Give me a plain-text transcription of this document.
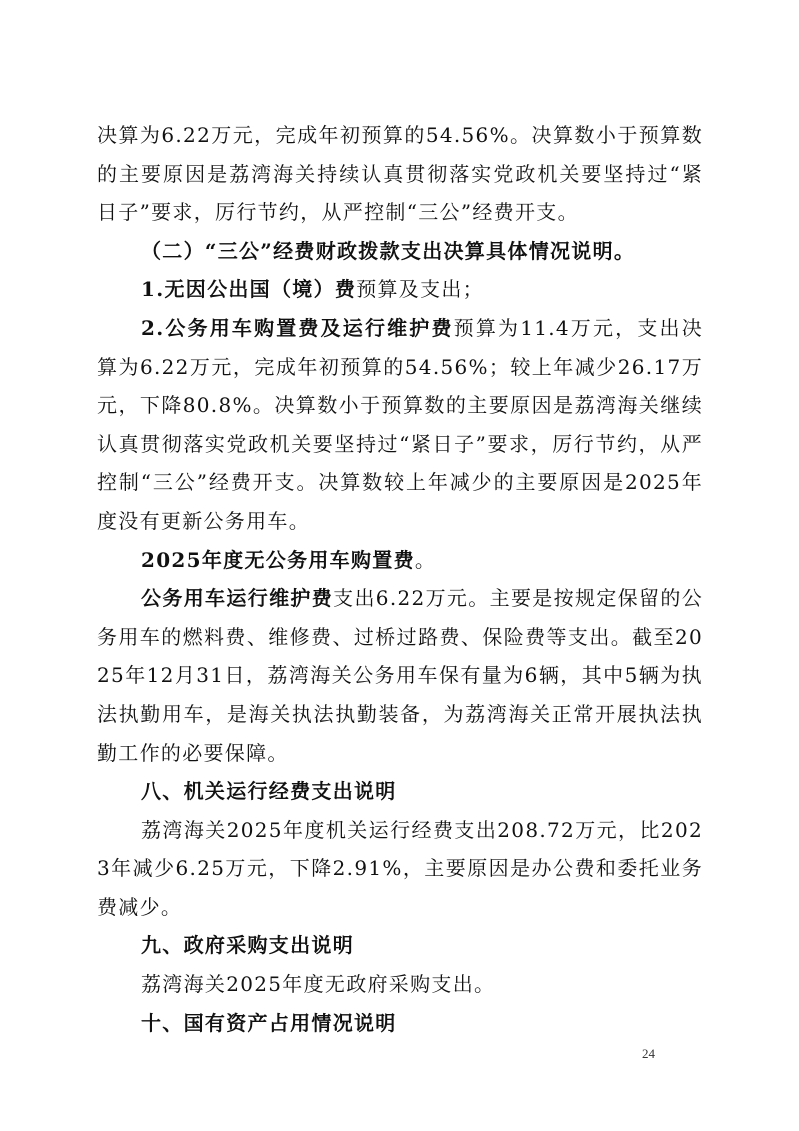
决算为6.22万元，完成年初预算的54.56%。决算数小于预算数的主要原因是荔湾海关持续认真贯彻落实党政机关要坚持过“紧日子”要求，厉行节约，从严控制“三公”经费开支。

（二）“三公”经费财政拨款支出决算具体情况说明。

1.无因公出国（境）费预算及支出；

2.公务用车购置费及运行维护费预算为11.4万元，支出决算为6.22万元，完成年初预算的54.56%；较上年减少26.17万元，下降80.8%。决算数小于预算数的主要原因是荔湾海关继续认真贯彻落实党政机关要坚持过“紧日子”要求，厉行节约，从严控制“三公”经费开支。决算数较上年减少的主要原因是2025年度没有更新公务用车。

2025年度无公务用车购置费。

公务用车运行维护费支出6.22万元。主要是按规定保留的公务用车的燃料费、维修费、过桥过路费、保险费等支出。截至2025年12月31日，荔湾海关公务用车保有量为6辆，其中5辆为执法执勤用车，是海关执法执勤装备，为荔湾海关正常开展执法执勤工作的必要保障。

八、机关运行经费支出说明

荔湾海关2025年度机关运行经费支出208.72万元，比2023年减少6.25万元，下降2.91%，主要原因是办公费和委托业务费减少。

九、政府采购支出说明

荔湾海关2025年度无政府采购支出。

十、国有资产占用情况说明

24
